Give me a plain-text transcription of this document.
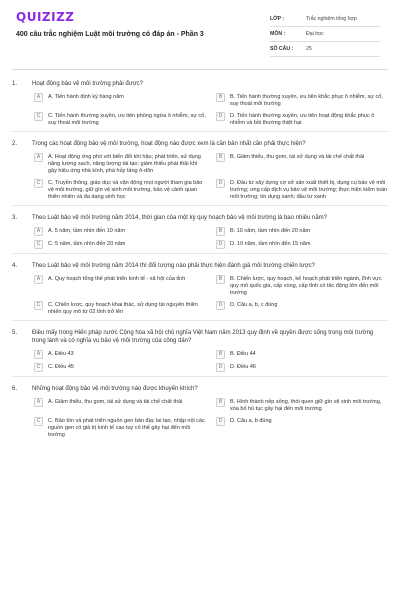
QUIZIZZ
400 câu trắc nghiệm Luật môi trường có đáp án - Phần 3
LỚP :	Trắc nghiệm tổng hợp
MÔN :	Đại học
SỐ CÂU :	25
1.	Hoạt động bảo vệ môi trường phải được?
A	A. Tiến hành định kỳ hàng năm	B	B. Tiến hành thường xuyên, ưu tiên khắc phục ô nhiễm, sự cố, suy thoái môi trường
C	C. Tiến hành thường xuyên, ưu tiên phòng ngừa ô nhiễm, sự cố, suy thoái môi trường
D	D. Tiến hành thường xuyên, ưu tiên hoạt động khắc phục ô nhiễm và bồi thường thiệt hại
2.	Trong các hoạt động bảo vệ môi trường, hoạt động nào được xem là căn bản nhất cần phải thực hiện?
A	A. Hoạt động ứng phó với biến đổi khí hậu; phát triển, sử dụng năng lượng sạch, năng lượng tái tạo; giảm thiểu phát thải khí gây hiệu ứng nhà kính, phá hủy tầng ô-dôn
B	B. Giảm thiểu, thu gom, tái sử dụng và tái chế chất thải
C	C. Truyền thông, giáo dục và vận động mọi người tham gia bảo vệ môi trường, giữ gìn vệ sinh môi trường, bảo vệ cảnh quan thiên nhiên và đa dạng sinh học
D	D. Đầu tư xây dựng cơ sở sản xuất thiết bị, dụng cụ bảo vệ môi trường; ưng cấp dịch vụ bảo vệ môi trường; thực hiện kiểm toán môi trường; tín dụng xanh; đầu tư xanh
3.	Theo Luật bảo vệ môi trường năm 2014, thời gian của một kỳ quy hoạch bảo vệ môi trường là bao nhiêu năm?
A	A. 5 năm, tầm nhìn đến 10 năm	B	B. 10 năm, tầm nhìn đến 20 năm
C	C. 5 năm, tầm nhìn đến 20 năm	D	D. 10 năm, tầm nhìn đến 15 năm
4.	Theo Luật bảo vệ môi trường năm 2014 thì đối tượng nào phải thực hiện đánh giá môi trường chiến lược?
A	A. Quy hoạch tổng thể phát triển kinh tế - xã hội của tỉnh	B	B. Chiến lược, quy hoạch, kế hoạch phát triển ngành, lĩnh vực quy mô quốc gia, cấp vùng, cấp tỉnh có tác động lớn đến môi trường
C	C. Chiến lược, quy hoạch khai thác, sử dụng tài nguyên thiên nhiên quy mô từ 02 tỉnh trở lên
D	D. Câu a, b, c đúng
5.	Điều mấy trong Hiến pháp nước Cộng hòa xã hội chủ nghĩa Việt Nam năm 2013 quy định về quyền được sống trong môi trường trong lành và có nghĩa vụ bảo vệ môi trường của công dân?
A	A. Điều 43	B	B. Điều 44
C	C. Điều 45	D	D. Điều 46
6.	Những hoạt động bảo vệ môi trường nào được khuyến khích?
A	A. Giảm thiểu, thu gom, tái sử dụng và tái chế chất thải	B	B. Hình thành nếp sống, thói quen giữ gìn vệ sinh môi trường, xóa bỏ hủ tục gây hại đến môi trường
C	C. Bảo tồn và phát triển nguồn gen bản địa; lai tạo, nhập nội các nguồn gen có giá trị kinh tế cao tuy có thể gây hại đến môi trường
D	D. Câu a, b đúng
